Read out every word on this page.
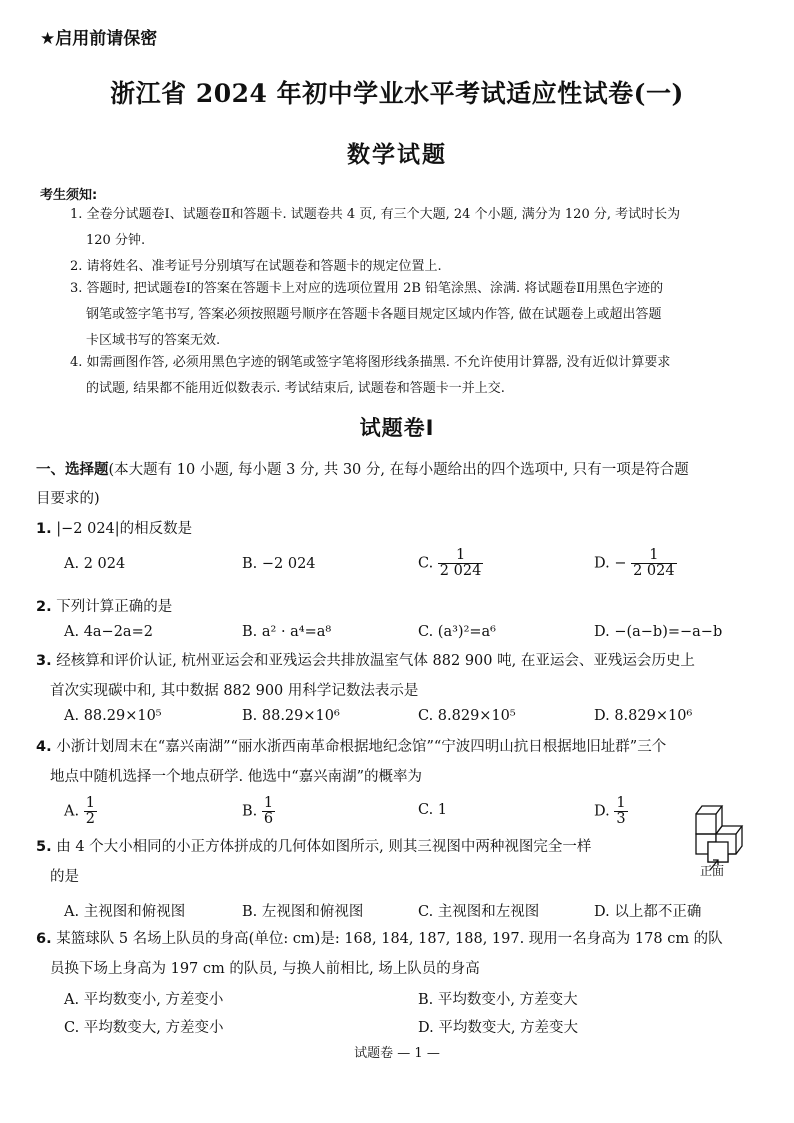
★启用前请保密
浙江省 2024 年初中学业水平考试适应性试卷(一)
数学试题
考生须知:
1. 全卷分试题卷Ⅰ、试题卷Ⅱ和答题卡. 试题卷共 4 页, 有三个大题, 24 个小题, 满分为 120 分, 考试时长为
120 分钟.
2. 请将姓名、准考证号分别填写在试题卷和答题卡的规定位置上.
3. 答题时, 把试题卷Ⅰ的答案在答题卡上对应的选项位置用 2B 铅笔涂黑、涂满. 将试题卷Ⅱ用黑色字迹的
钢笔或签字笔书写, 答案必须按照题号顺序在答题卡各题目规定区域内作答, 做在试题卷上或超出答题
卡区域书写的答案无效.
4. 如需画图作答, 必须用黑色字迹的钢笔或签字笔将图形线条描黑. 不允许使用计算器, 没有近似计算要求
的试题, 结果都不能用近似数表示. 考试结束后, 试题卷和答题卡一并上交.
试题卷Ⅰ
一、选择题(本大题有 10 小题, 每小题 3 分, 共 30 分, 在每小题给出的四个选项中, 只有一项是符合题
目要求的)
1. |−2 024|的相反数是
A. 2 024	B. −2 024	C. $\frac{1}{2 024}$	D. − $\frac{1}{2 024}$
2. 下列计算正确的是
A. 4a−2a=2	B. a² · a⁴=a⁸	C. (a³)²=a⁶	D. −(a−b)=−a−b
3. 经核算和评价认证, 杭州亚运会和亚残运会共排放温室气体 882 900 吨, 在亚运会、亚残运会历史上
首次实现碳中和, 其中数据 882 900 用科学记数法表示是
A. 88.29×10⁵	B. 88.29×10⁶	C. 8.829×10⁵	D. 8.829×10⁶
4. 小浙计划周末在“嘉兴南湖”“丽水浙西南革命根据地纪念馆”“宁波四明山抗日根据地旧址群”三个
地点中随机选择一个地点研学. 他选中“嘉兴南湖”的概率为
A. $\frac{1}{2}$	B. $\frac{1}{6}$	C. 1	D. $\frac{1}{3}$
正面
5. 由 4 个大小相同的小正方体拼成的几何体如图所示, 则其三视图中两种视图完全一样
的是
A. 主视图和俯视图	B. 左视图和俯视图	C. 主视图和左视图	D. 以上都不正确
6. 某篮球队 5 名场上队员的身高(单位: cm)是: 168, 184, 187, 188, 197. 现用一名身高为 178 cm 的队
员换下场上身高为 197 cm 的队员, 与换人前相比, 场上队员的身高
A. 平均数变小, 方差变小	B. 平均数变小, 方差变大
C. 平均数变大, 方差变小	D. 平均数变大, 方差变大
试题卷 — 1 —
